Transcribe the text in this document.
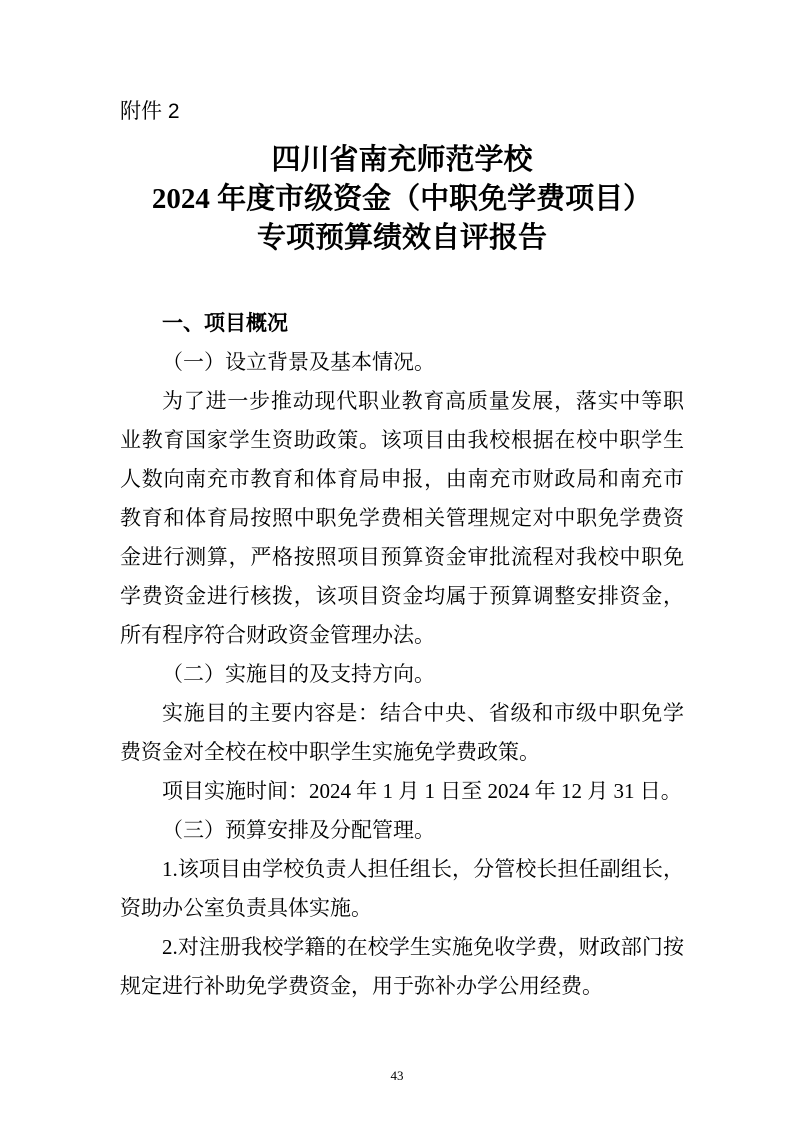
附件 2
四川省南充师范学校
2024 年度市级资金（中职免学费项目）
专项预算绩效自评报告

一、项目概况

（一）设立背景及基本情况。

为了进一步推动现代职业教育高质量发展，落实中等职业教育国家学生资助政策。该项目由我校根据在校中职学生人数向南充市教育和体育局申报，由南充市财政局和南充市教育和体育局按照中职免学费相关管理规定对中职免学费资金进行测算，严格按照项目预算资金审批流程对我校中职免学费资金进行核拨，该项目资金均属于预算调整安排资金，所有程序符合财政资金管理办法。

（二）实施目的及支持方向。

实施目的主要内容是：结合中央、省级和市级中职免学费资金对全校在校中职学生实施免学费政策。

项目实施时间：2024 年 1 月 1 日至 2024 年 12 月 31 日。

（三）预算安排及分配管理。

1.该项目由学校负责人担任组长，分管校长担任副组长，资助办公室负责具体实施。

2.对注册我校学籍的在校学生实施免收学费，财政部门按规定进行补助免学费资金，用于弥补办学公用经费。

43
